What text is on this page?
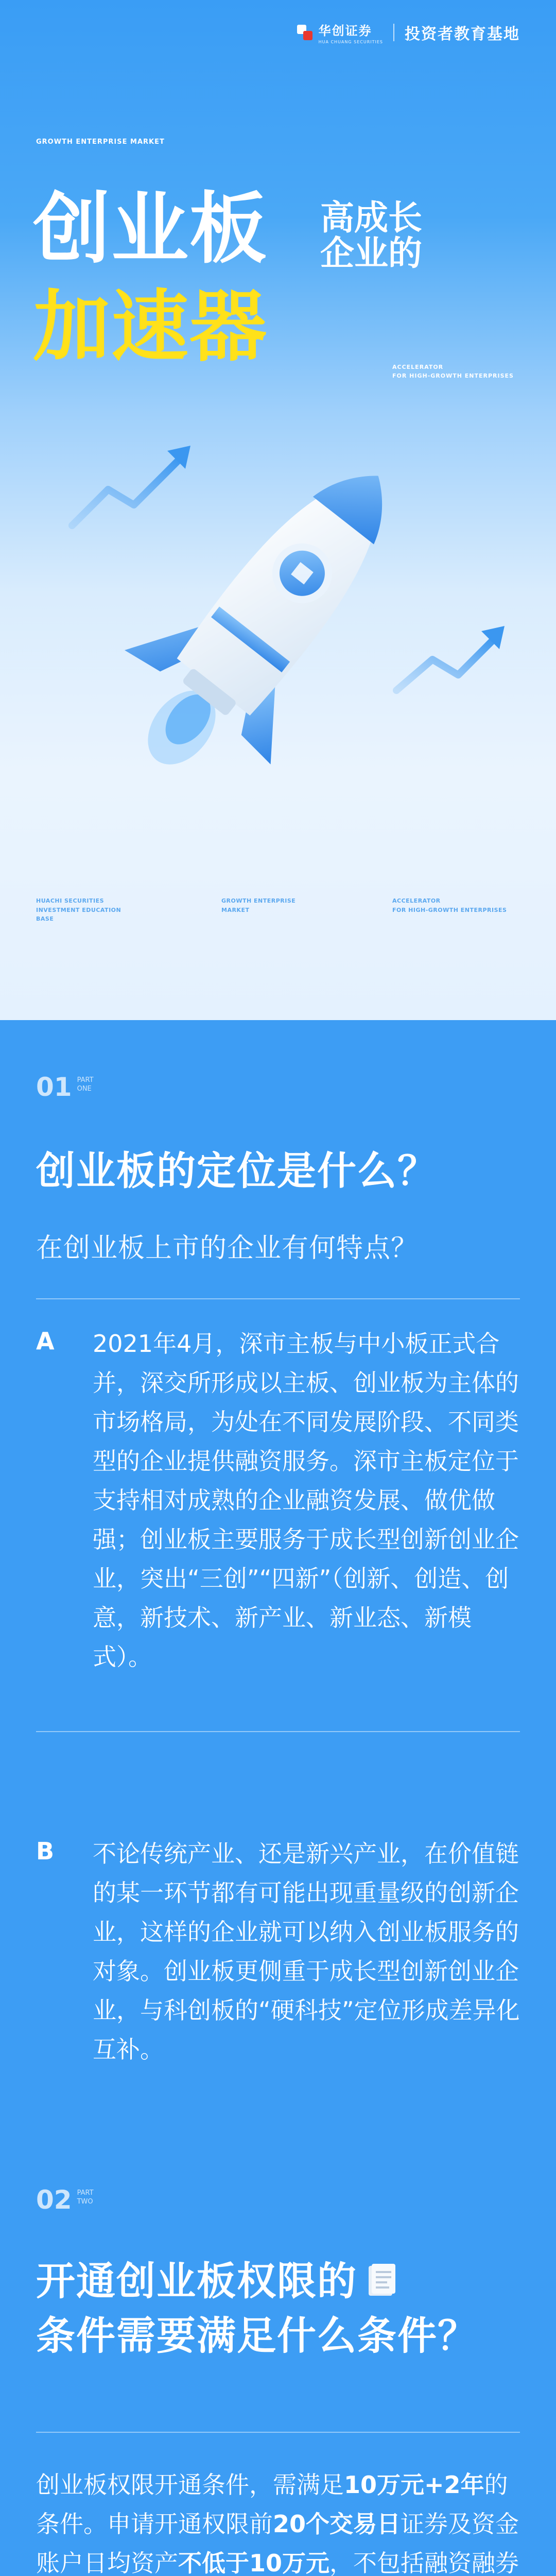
华创证券
HUA CHUANG SECURITIES 投资者教育基地
GROWTH ENTERPRISE MARKET
创业板 高成长
企业的
加速器	ACCELERATOR
FOR HIGH-GROWTH ENTERPRISES
HUACHI SECURITIES
INVESTMENT EDUCATION
BASE
GROWTH ENTERPRISE
MARKET
ACCELERATOR
FOR HIGH-GROWTH ENTERPRISES
01 PART
ONE
创业板的定位是什么？
在创业板上市的企业有何特点？
A 2021年4月，深市主板与中小板正式合并，深交所形成以主板、创业板为主体的市场格局，为处在不同发展阶段、不同类型的企业提供融资服务。深市主板定位于支持相对成熟的企业融资发展、做优做强；创业板主要服务于成长型创新创业企业，突出“三创”“四新”（创新、创造、创意，新技术、新产业、新业态、新模式）。
B 不论传统产业、还是新兴产业，在价值链的某一环节都有可能出现重量级的创新企业，这样的企业就可以纳入创业板服务的对象。创业板更侧重于成长型创新创业企业，与科创板的“硬科技”定位形成差异化互补。
02 PART
TWO
开通创业板权限的
条件需要满足什么条件？
创业板权限开通条件，需满足10万元+2年的条件。申请开通权限前20个交易日证券及资金账户日均资产不低于10万元，不包括融资融券
